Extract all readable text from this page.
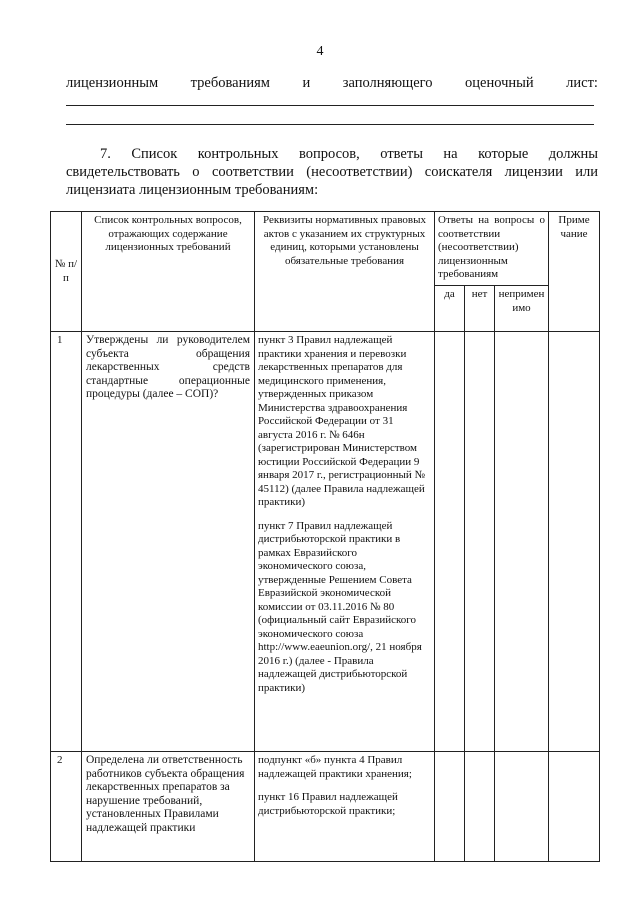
4
лицензионным требованиям и заполняющего оценочный лист:
7. Список контрольных вопросов, ответы на которые должны
свидетельствовать о соответствии (несоответствии) соискателя лицензии или лицензиата лицензионным требованиям:
№ п/п	Список контрольных вопросов, отражающих содержание лицензионных требований	Реквизиты нормативных правовых актов с указанием их структурных единиц, которыми установлены обязательные требования	Ответы на вопросы о соответствии (несоответствии) лицензионным требованиям			Приме чание
			да	нет	неприменимо	
1	Утверждены ли руководителем субъекта обращения лекарственных средств стандартные операционные процедуры (далее – СОП)?	пункт 3 Правил надлежащей практики хранения и перевозки лекарственных препаратов для медицинского применения, утвержденных приказом Министерства здравоохранения Российской Федерации от 31 августа 2016 г. № 646н (зарегистрирован Министерством юстиции Российской Федерации 9 января 2017 г., регистрационный № 45112) (далее Правила надлежащей практики)

пункт 7 Правил надлежащей дистрибьюторской практики в рамках Евразийского экономического союза, утвержденные Решением Совета Евразийской экономической комиссии от 03.11.2016 № 80 (официальный сайт Евразийского экономического союза http://www.eaeunion.org/, 21 ноября 2016 г.) (далее - Правила надлежащей дистрибьюторской практики)				

2	Определена ли ответственность работников субъекта обращения лекарственных препаратов за нарушение требований, установленных Правилами надлежащей практики	подпункт «б» пункта 4 Правил надлежащей практики хранения;

пункт 16 Правил надлежащей дистрибьюторской практики;				
